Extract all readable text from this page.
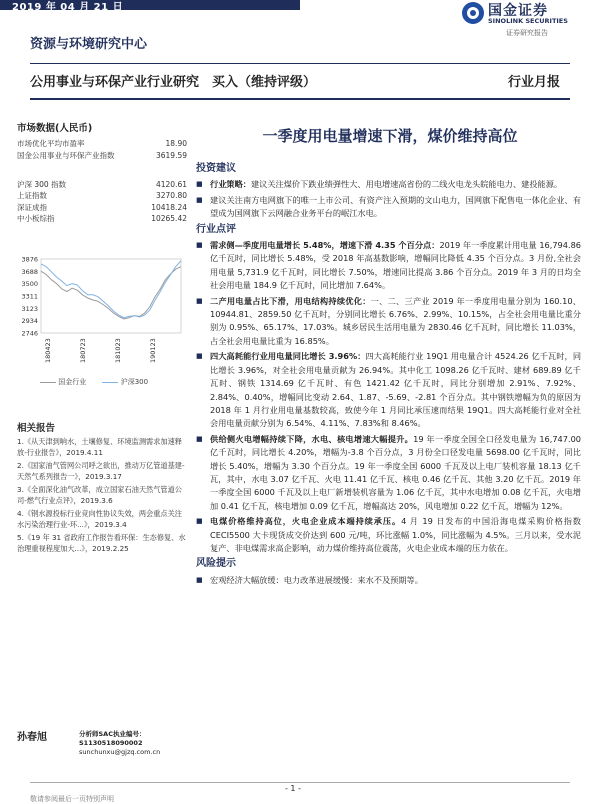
2019 年 04 月 21 日	国金证券
SINOLINK SECURITIES
证券研究报告
资源与环境研究中心
公用事业与环保产业行业研究　买入（维持评级）	行业月报
市场数据(人民币)
市场优化平均市盈率	18.90
国金公用事业与环保产业指数	3619.59
沪深 300 指数	4120.61
上证指数	3270.80
深证成指	10418.24
中小板综指	10265.42
3876
3688
3500
3311
3123
2934
2746
180423	180723	181023	190123
国金行业	沪深300
相关报告
1.《从天津到响水，土壤修复、环境监测需求加速释放-行业报告》，2019.4.11
2.《国家油气管网公司呼之欲出，推动万亿管道基建-天然气系列报告一》，2019.3.17
3.《全面深化油气改革，成立国家石油天然气管道公司-燃气行业点评》，2019.3.6
4.《钢水源投标行业竞向性协议失效，两会重点关注水污染治理行业-环...》，2019.3.4
5.《19 年 31 省政府工作报告看环保：生态修复、水治理重视程度加大...》，2019.2.25
孙春旭	分析师SAC执业编号：S1130518090002
sunchunxu@gjzq.com.cn
一季度用电量增速下滑，煤价维持高位
投资建议
■ 行业策略：建议关注煤价下跌业绩弹性大、用电增速高省份的二线火电龙头皖能电力、建投能源。
■ 建议关注南方电网旗下的唯一上市公司、有资产注入预期的文山电力，国网旗下配售电一体化企业、有望成为国网旗下云网融合业务平台的岷江水电。
行业点评
■ 需求侧—季度用电量增长 5.48%，增速下滑 4.35 个百分点：2019 年一季度累计用电量 16,794.86 亿千瓦时，同比增长 5.48%，受 2018 年高基数影响，增幅同比降低 4.35 个百分点。3 月份,全社会用电量 5,731.9 亿千瓦时，同比增长 7.50%，增速同比提高 3.86 个百分点。2019 年 3 月的日均全社会用电量 184.9 亿千瓦时，同比增加 7.64%。
■ 二产用电量占比下滑，用电结构持续优化：一、二、三产业 2019 年一季度用电量分别为 160.10、10944.81、2859.50 亿千瓦时，分别同比增长 6.76%、2.99%、10.15%，占全社会用电量比重分别为 0.95%、65.17%、17.03%。城乡居民生活用电量为 2830.46 亿千瓦时，同比增长 11.03%，占全社会用电量比重为 16.85%。
■ 四大高耗能行业用电量同比增长 3.96%：四大高耗能行业 19Q1 用电量合计 4524.26 亿千瓦时，同比增长 3.96%，对全社会用电量贡献为 26.94%。其中化工 1098.26 亿千瓦时、建材 689.89 亿千瓦时、钢铁 1314.69 亿千瓦时、有色 1421.42 亿千瓦时，同比分别增加 2.91%、7.92%、2.84%、0.40%，增幅同比变动 2.64、1.87、-5.69、-2.81 个百分点。其中钢铁增幅为负的原因为 2018 年 1 月行业用电量基数较高，致使今年 1 月同比承压速而结果 19Q1。四大高耗能行业对全社会用电量贡献分别为 6.54%、4.11%、7.83%和 8.46%。
■ 供给侧火电增幅持续下降，水电、核电增速大幅提升。19 年一季度全国全口径发电量为 16,747.00 亿千瓦时，同比增长 4.20%，增幅为-3.8 个百分点，3 月份全口径发电量 5698.00 亿千瓦时，同比增长 5.40%，增幅为 3.30 个百分点。19 年一季度全国 6000 千瓦及以上电厂装机容量 18.13 亿千瓦，其中，水电 3.07 亿千瓦、火电 11.41 亿千瓦、核电 0.46 亿千瓦、其他 3.20 亿千瓦。2019 年一季度全国 6000 千瓦及以上电厂新增装机容量为 1.06 亿千瓦，其中水电增加 0.08 亿千瓦，火电增加 0.41 亿千瓦，核电增加 0.09 亿千瓦，增幅高达 20%，风电增加 0.22 亿千瓦，增幅为 12%。
■ 电煤价格维持高位，火电企业成本端持续承压。4 月 19 日发布的中国沿海电煤采购价格指数 CECI5500 大卡现货成交价达到 600 元/吨，环比涨幅 1.0%，同比涨幅为 4.5%。三月以来，受水泥复产、非电煤需求高企影响，动力煤价维持高位震荡，火电企业成本端的压力依在。
风险提示
■ 宏观经济大幅放缓：电力改革进展缓慢：来水不及预期等。
- 1 -
敬请参阅最后一页特别声明
